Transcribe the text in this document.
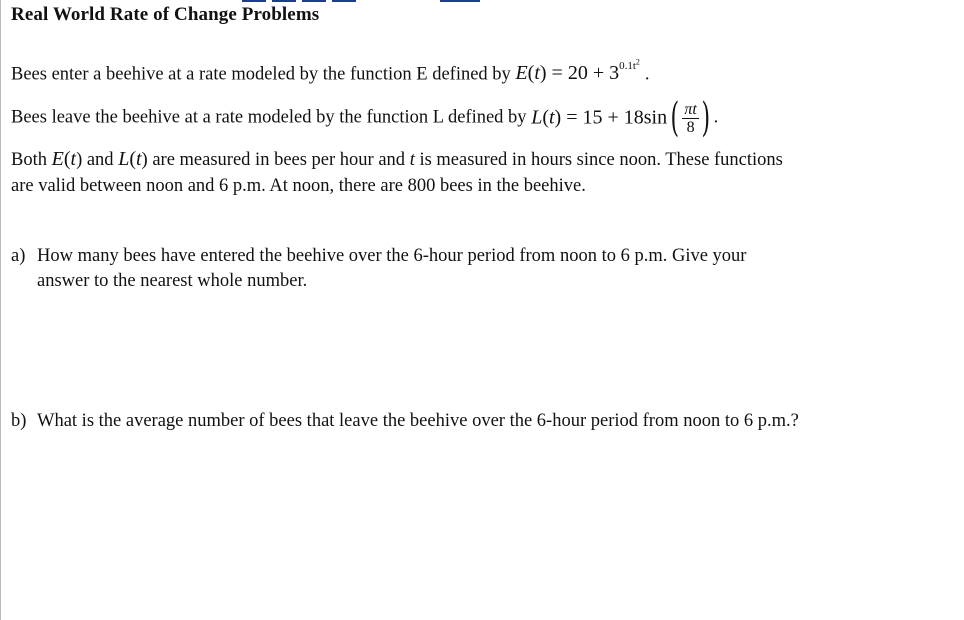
Real World Rate of Change Problems
Bees enter a beehive at a rate modeled by the function E defined by $E(t) = 20 + 3^{0.1t^2}$ .
Bees leave the beehive at a rate modeled by the function L defined by L(t) = 15 + 18sin ( $\frac{\pi t}{8}$ ) .
Both E(t) and L(t) are measured in bees per hour and t is measured in hours since noon. These functions
are valid between noon and 6 p.m. At noon, there are 800 bees in the beehive.
a) How many bees have entered the beehive over the 6-hour period from noon to 6 p.m. Give your
answer to the nearest whole number.
b) What is the average number of bees that leave the beehive over the 6-hour period from noon to 6 p.m.?
